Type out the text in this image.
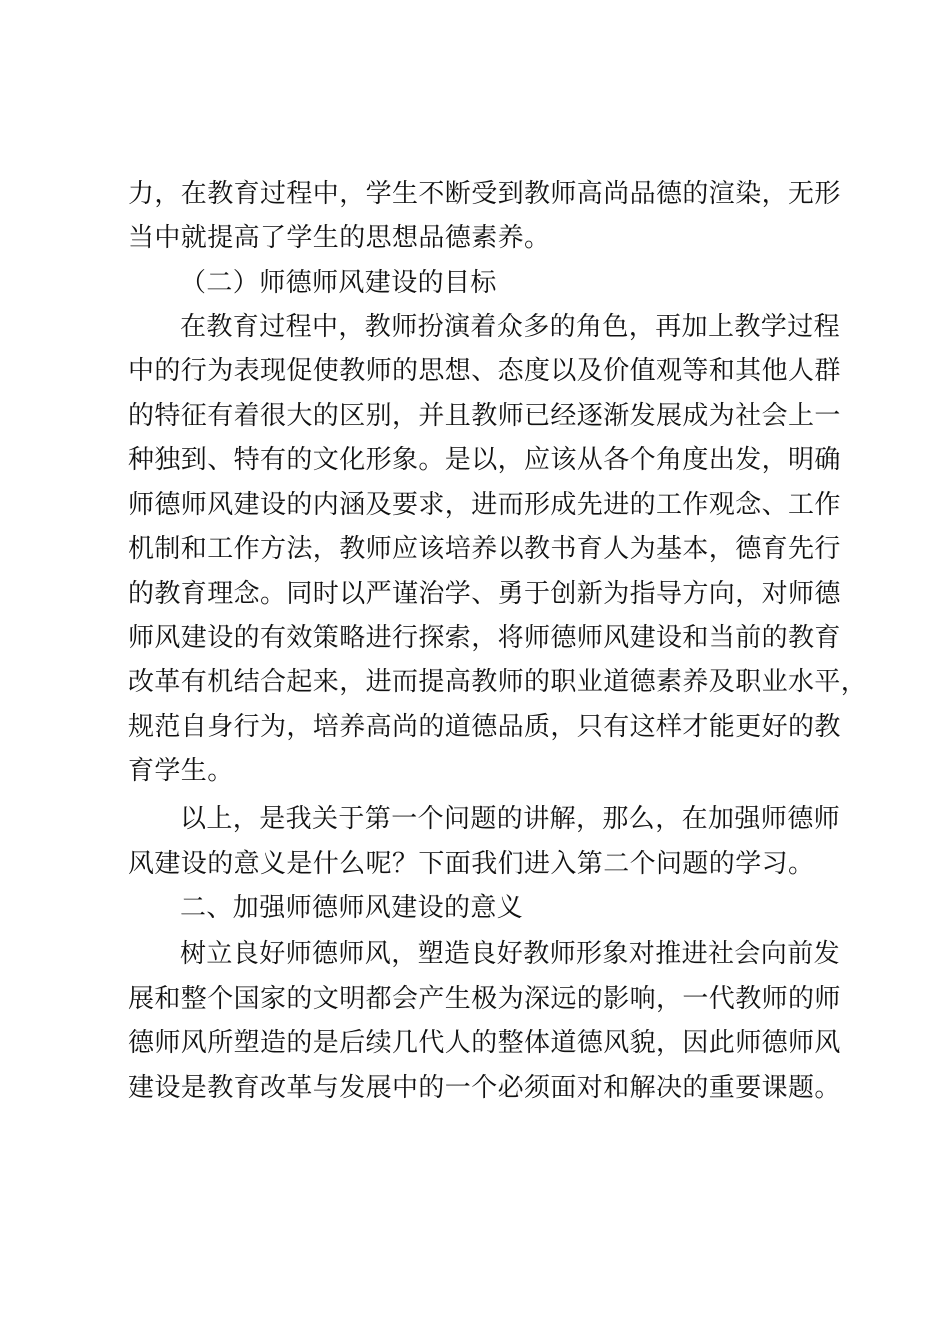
力，在教育过程中，学生不断受到教师高尚品德的渲染，无形
当中就提高了学生的思想品德素养。
（二）师德师风建设的目标
在教育过程中，教师扮演着众多的角色，再加上教学过程
中的行为表现促使教师的思想、态度以及价值观等和其他人群
的特征有着很大的区别，并且教师已经逐渐发展成为社会上一
种独到、特有的文化形象。是以，应该从各个角度出发，明确
师德师风建设的内涵及要求，进而形成先进的工作观念、工作
机制和工作方法，教师应该培养以教书育人为基本，德育先行
的教育理念。同时以严谨治学、勇于创新为指导方向，对师德
师风建设的有效策略进行探索，将师德师风建设和当前的教育
改革有机结合起来，进而提高教师的职业道德素养及职业水平，
规范自身行为，培养高尚的道德品质，只有这样才能更好的教
育学生。
以上，是我关于第一个问题的讲解，那么，在加强师德师
风建设的意义是什么呢？下面我们进入第二个问题的学习。
二、加强师德师风建设的意义
树立良好师德师风，塑造良好教师形象对推进社会向前发
展和整个国家的文明都会产生极为深远的影响，一代教师的师
德师风所塑造的是后续几代人的整体道德风貌，因此师德师风
建设是教育改革与发展中的一个必须面对和解决的重要课题。
